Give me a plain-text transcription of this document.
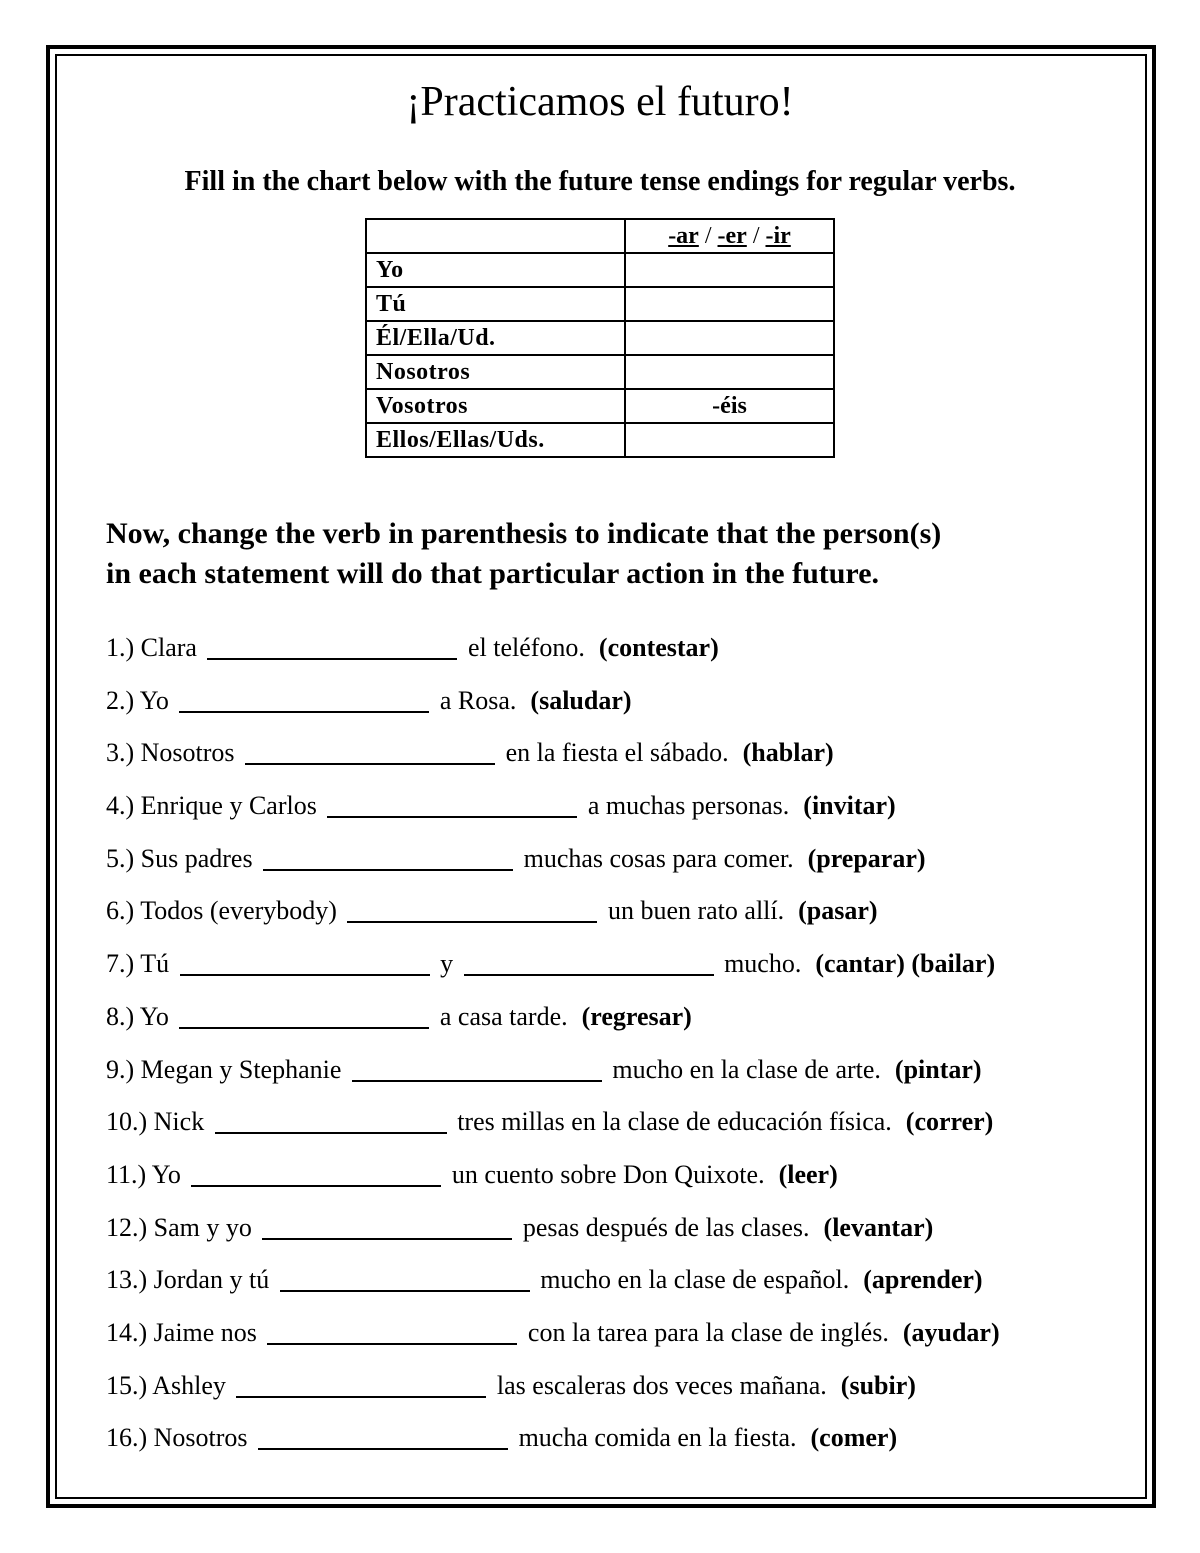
¡Practicamos el futuro!
Fill in the chart below with the future tense endings for regular verbs.
	-ar / -er / -ir
Yo	
Tú	
Él/Ella/Ud.	
Nosotros	
Vosotros	-éis
Ellos/Ellas/Uds.	
Now, change the verb in parenthesis to indicate that the person(s)
in each statement will do that particular action in the future.
1.) Clara	el teléfono. (contestar)
2.) Yo	a Rosa. (saludar)
3.) Nosotros	en la fiesta el sábado. (hablar)
4.) Enrique y Carlos	a muchas personas. (invitar)
5.) Sus padres	muchas cosas para comer. (preparar)
6.) Todos (everybody)	un buen rato allí. (pasar)
7.) Tú	y	mucho. (cantar) (bailar)
8.) Yo	a casa tarde. (regresar)
9.) Megan y Stephanie	mucho en la clase de arte. (pintar)
10.) Nick	tres millas en la clase de educación física. (correr)
11.) Yo	un cuento sobre Don Quixote. (leer)
12.) Sam y yo	pesas después de las clases. (levantar)
13.) Jordan y tú	mucho en la clase de español. (aprender)
14.) Jaime nos	con la tarea para la clase de inglés. (ayudar)
15.) Ashley	las escaleras dos veces mañana. (subir)
16.) Nosotros	mucha comida en la fiesta. (comer)
